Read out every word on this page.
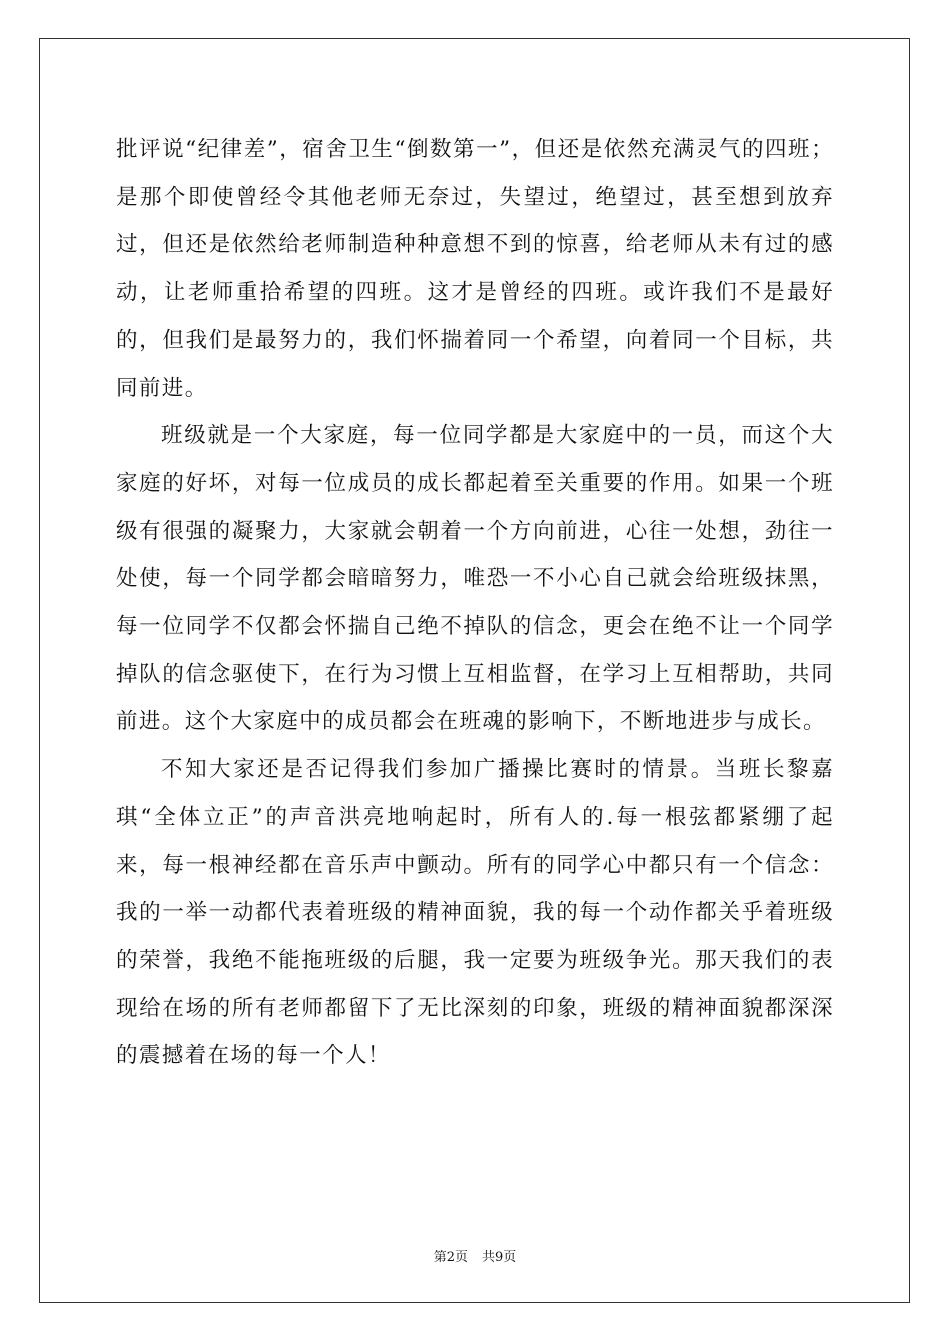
批评说“纪律差”，宿舍卫生“倒数第一”，但还是依然充满灵气的四班；是那个即使曾经令其他老师无奈过，失望过，绝望过，甚至想到放弃过，但还是依然给老师制造种种意想不到的惊喜，给老师从未有过的感动，让老师重拾希望的四班。这才是曾经的四班。或许我们不是最好的，但我们是最努力的，我们怀揣着同一个希望，向着同一个目标，共同前进。

班级就是一个大家庭，每一位同学都是大家庭中的一员，而这个大家庭的好坏，对每一位成员的成长都起着至关重要的作用。如果一个班级有很强的凝聚力，大家就会朝着一个方向前进，心往一处想，劲往一处使，每一个同学都会暗暗努力，唯恐一不小心自己就会给班级抹黑，每一位同学不仅都会怀揣自己绝不掉队的信念，更会在绝不让一个同学掉队的信念驱使下，在行为习惯上互相监督，在学习上互相帮助，共同前进。这个大家庭中的成员都会在班魂的影响下，不断地进步与成长。

不知大家还是否记得我们参加广播操比赛时的情景。当班长黎嘉琪“全体立正”的声音洪亮地响起时，所有人的.每一根弦都紧绷了起来，每一根神经都在音乐声中颤动。所有的同学心中都只有一个信念：我的一举一动都代表着班级的精神面貌，我的每一个动作都关乎着班级的荣誉，我绝不能拖班级的后腿，我一定要为班级争光。那天我们的表现给在场的所有老师都留下了无比深刻的印象，班级的精神面貌都深深的震撼着在场的每一个人！

第2页 共9页
